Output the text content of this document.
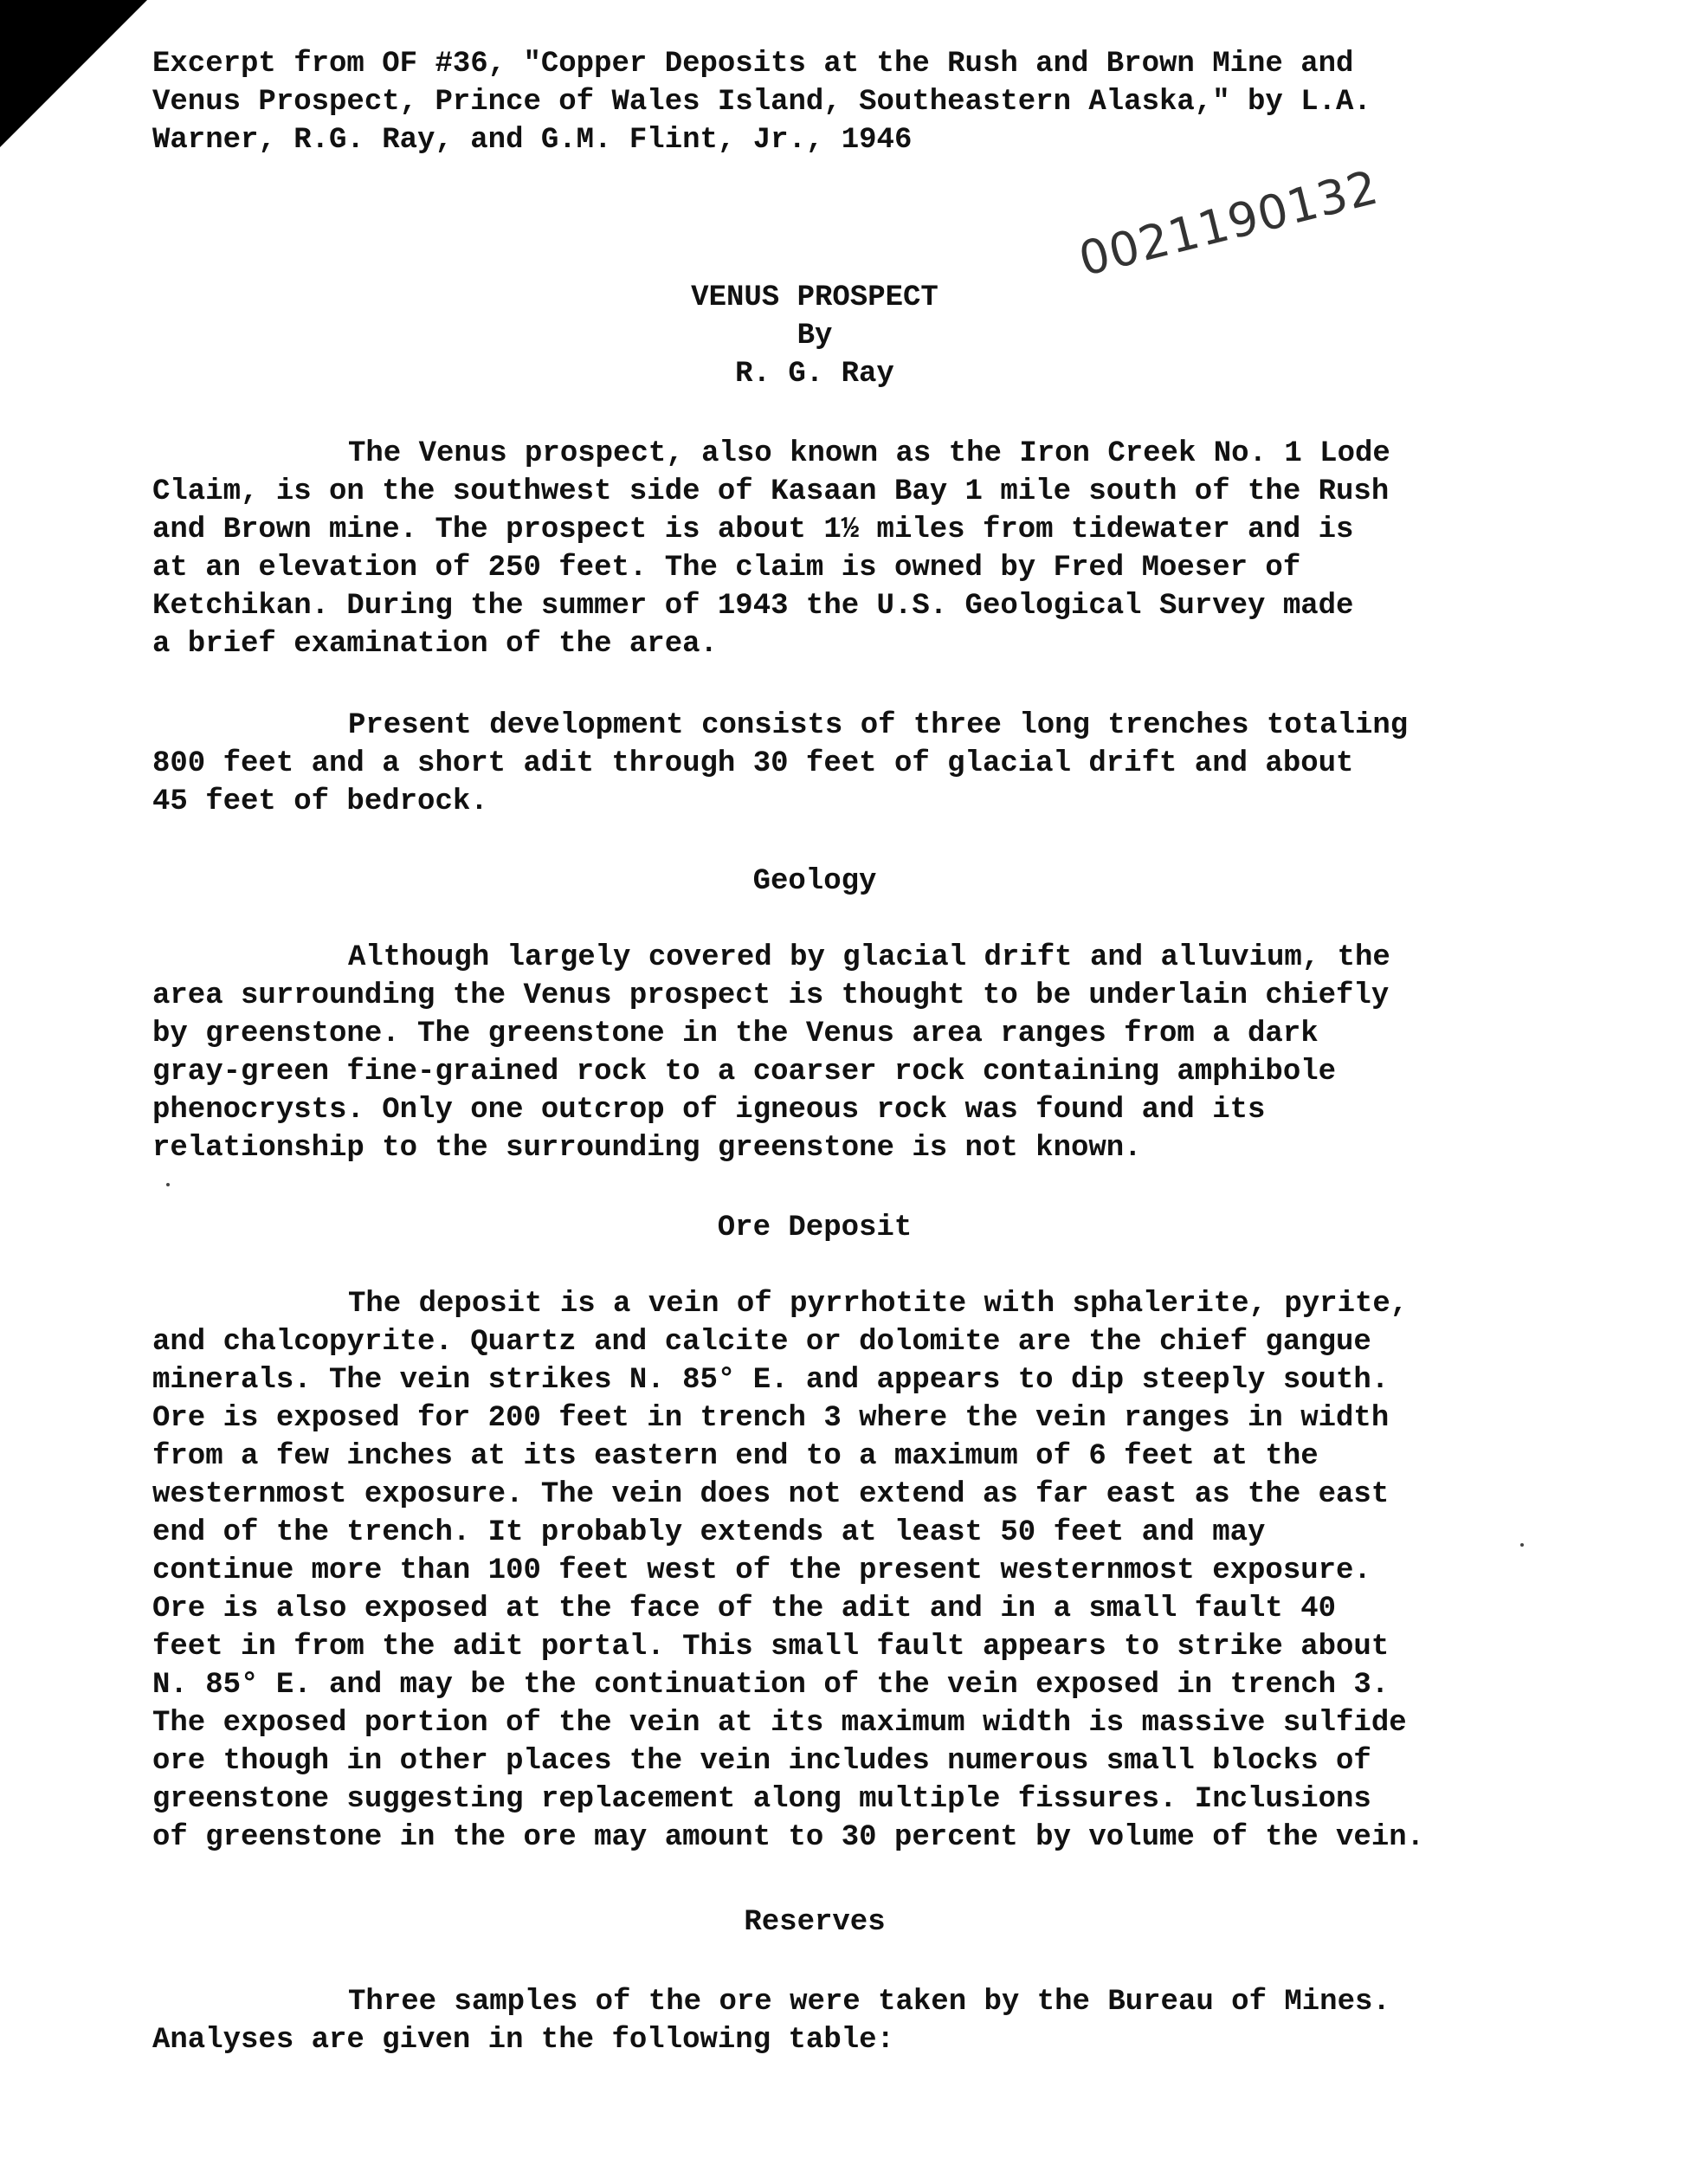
Excerpt from OF #36, "Copper Deposits at the Rush and Brown Mine and
Venus Prospect, Prince of Wales Island, Southeastern Alaska," by L.A.
Warner, R.G. Ray, and G.M. Flint, Jr., 1946
0021190132
VENUS PROSPECT
By
R. G. Ray
The Venus prospect, also known as the Iron Creek No. 1 Lode
Claim, is on the southwest side of Kasaan Bay 1 mile south of the Rush
and Brown mine. The prospect is about 1½ miles from tidewater and is
at an elevation of 250 feet. The claim is owned by Fred Moeser of
Ketchikan. During the summer of 1943 the U.S. Geological Survey made
a brief examination of the area.
Present development consists of three long trenches totaling
800 feet and a short adit through 30 feet of glacial drift and about
45 feet of bedrock.
Geology
Although largely covered by glacial drift and alluvium, the
area surrounding the Venus prospect is thought to be underlain chiefly
by greenstone. The greenstone in the Venus area ranges from a dark
gray-green fine-grained rock to a coarser rock containing amphibole
phenocrysts. Only one outcrop of igneous rock was found and its
relationship to the surrounding greenstone is not known.
Ore Deposit
The deposit is a vein of pyrrhotite with sphalerite, pyrite,
and chalcopyrite. Quartz and calcite or dolomite are the chief gangue
minerals. The vein strikes N. 85° E. and appears to dip steeply south.
Ore is exposed for 200 feet in trench 3 where the vein ranges in width
from a few inches at its eastern end to a maximum of 6 feet at the
westernmost exposure. The vein does not extend as far east as the east
end of the trench. It probably extends at least 50 feet and may
continue more than 100 feet west of the present westernmost exposure.
Ore is also exposed at the face of the adit and in a small fault 40
feet in from the adit portal. This small fault appears to strike about
N. 85° E. and may be the continuation of the vein exposed in trench 3.
The exposed portion of the vein at its maximum width is massive sulfide
ore though in other places the vein includes numerous small blocks of
greenstone suggesting replacement along multiple fissures. Inclusions
of greenstone in the ore may amount to 30 percent by volume of the vein.
Reserves
Three samples of the ore were taken by the Bureau of Mines.
Analyses are given in the following table:
